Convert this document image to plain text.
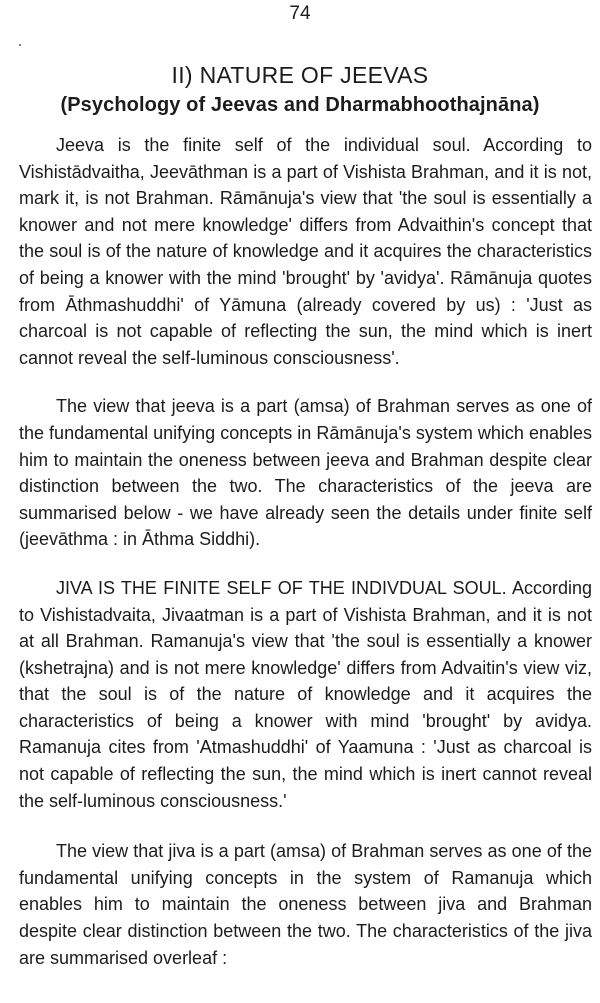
74
II) NATURE OF JEEVAS
(Psychology of Jeevas and Dharmabhoothajnāna)

Jeeva is the finite self of the individual soul. According to Vishistādvaitha, Jeevāthman is a part of Vishista Brahman, and it is not, mark it, is not Brahman. Rāmānuja's view that 'the soul is essentially a knower and not mere knowledge' differs from Advaithin's concept that the soul is of the nature of knowledge and it acquires the characteristics of being a knower with the mind 'brought' by 'avidya'. Rāmānuja quotes from Āthmashuddhi' of Yāmuna (already covered by us) : 'Just as charcoal is not capable of reflecting the sun, the mind which is inert cannot reveal the self-luminous consciousness'.

The view that jeeva is a part (amsa) of Brahman serves as one of the fundamental unifying concepts in Rāmānuja's system which enables him to maintain the oneness between jeeva and Brahman despite clear distinction between the two. The characteristics of the jeeva are summarised below - we have already seen the details under finite self (jeevāthma : in Āthma Siddhi).

JIVA IS THE FINITE SELF OF THE INDIVDUAL SOUL. According to Vishistadvaita, Jivaatman is a part of Vishista Brahman, and it is not at all Brahman. Ramanuja's view that 'the soul is essentially a knower (kshetrajna) and is not mere knowledge' differs from Advaitin's view viz, that the soul is of the nature of knowledge and it acquires the characteristics of being a knower with mind 'brought' by avidya. Ramanuja cites from 'Atmashuddhi' of Yaamuna : 'Just as charcoal is not capable of reflecting the sun, the mind which is inert cannot reveal the self-luminous consciousness.'

The view that jiva is a part (amsa) of Brahman serves as one of the fundamental unifying concepts in the system of Ramanuja which enables him to maintain the oneness between jiva and Brahman despite clear distinction between the two. The characteristics of the jiva are summarised overleaf :
